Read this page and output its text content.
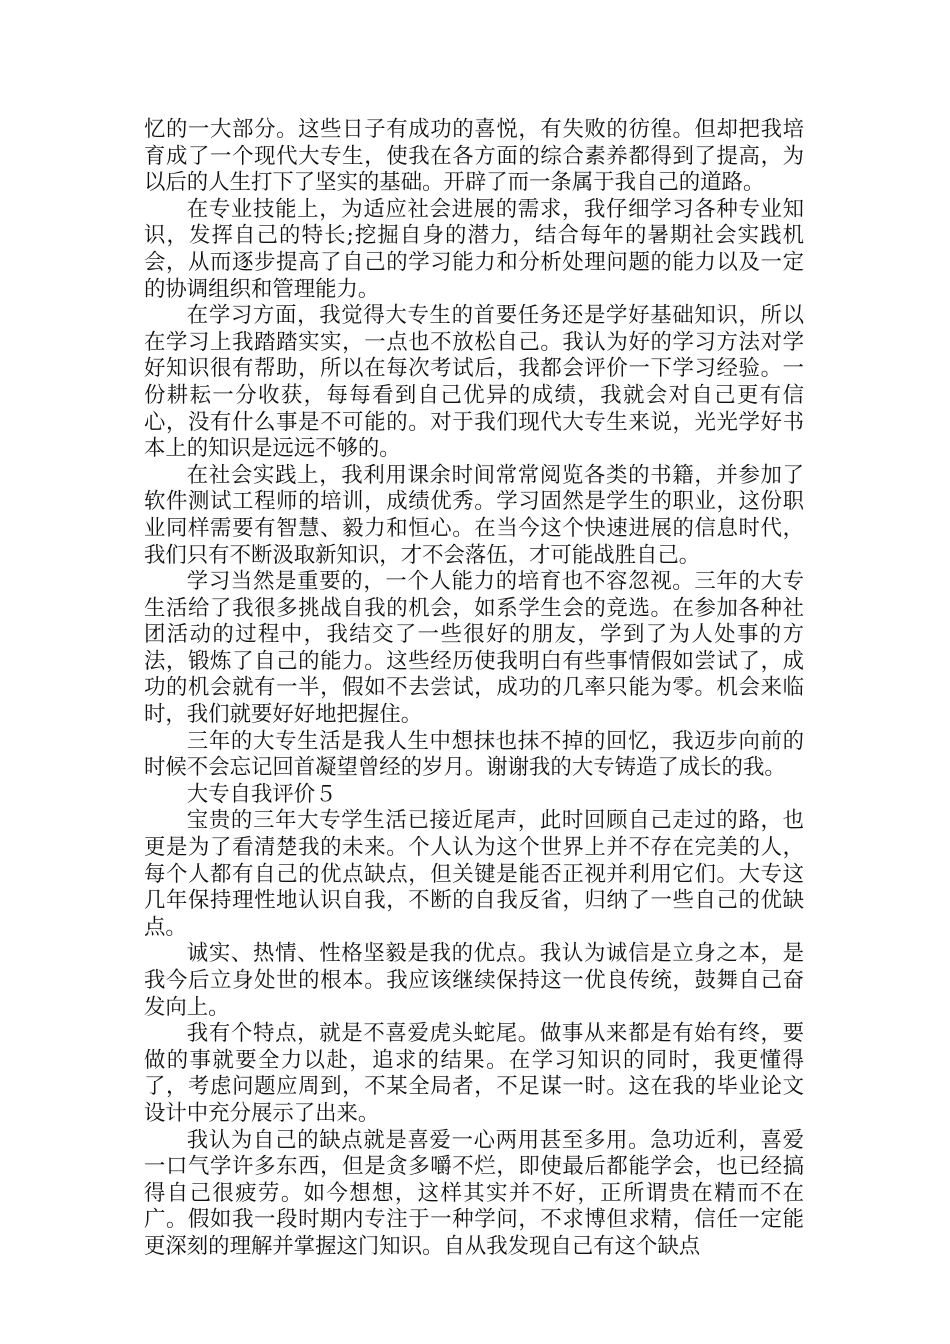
忆的一大部分。这些日子有成功的喜悦，有失败的彷徨。但却把我培育成了一个现代大专生，使我在各方面的综合素养都得到了提高，为以后的人生打下了坚实的基础。开辟了而一条属于我自己的道路。

在专业技能上，为适应社会进展的需求，我仔细学习各种专业知识，发挥自己的特长;挖掘自身的潜力，结合每年的暑期社会实践机会，从而逐步提高了自己的学习能力和分析处理问题的能力以及一定的协调组织和管理能力。

在学习方面，我觉得大专生的首要任务还是学好基础知识，所以在学习上我踏踏实实，一点也不放松自己。我认为好的学习方法对学好知识很有帮助，所以在每次考试后，我都会评价一下学习经验。一份耕耘一分收获，每每看到自己优异的成绩，我就会对自己更有信心，没有什么事是不可能的。对于我们现代大专生来说，光光学好书本上的知识是远远不够的。

在社会实践上，我利用课余时间常常阅览各类的书籍，并参加了软件测试工程师的培训，成绩优秀。学习固然是学生的职业，这份职业同样需要有智慧、毅力和恒心。在当今这个快速进展的信息时代，我们只有不断汲取新知识，才不会落伍，才可能战胜自己。

学习当然是重要的，一个人能力的培育也不容忽视。三年的大专生活给了我很多挑战自我的机会，如系学生会的竞选。在参加各种社团活动的过程中，我结交了一些很好的朋友，学到了为人处事的方法，锻炼了自己的能力。这些经历使我明白有些事情假如尝试了，成功的机会就有一半，假如不去尝试，成功的几率只能为零。机会来临时，我们就要好好地把握住。

三年的大专生活是我人生中想抹也抹不掉的回忆，我迈步向前的时候不会忘记回首凝望曾经的岁月。谢谢我的大专铸造了成长的我。

大专自我评价５

宝贵的三年大专学生活已接近尾声，此时回顾自己走过的路，也更是为了看清楚我的未来。个人认为这个世界上并不存在完美的人，每个人都有自己的优点缺点，但关键是能否正视并利用它们。大专这几年保持理性地认识自我，不断的自我反省，归纳了一些自己的优缺点。

诚实、热情、性格坚毅是我的优点。我认为诚信是立身之本，是我今后立身处世的根本。我应该继续保持这一优良传统，鼓舞自己奋发向上。

我有个特点，就是不喜爱虎头蛇尾。做事从来都是有始有终，要做的事就要全力以赴，追求的结果。在学习知识的同时，我更懂得了，考虑问题应周到，不某全局者，不足谋一时。这在我的毕业论文设计中充分展示了出来。

我认为自己的缺点就是喜爱一心两用甚至多用。急功近利，喜爱一口气学许多东西，但是贪多嚼不烂，即使最后都能学会，也已经搞得自己很疲劳。如今想想，这样其实并不好，正所谓贵在精而不在广。假如我一段时期内专注于一种学问，不求博但求精，信任一定能更深刻的理解并掌握这门知识。自从我发现自己有这个缺点
